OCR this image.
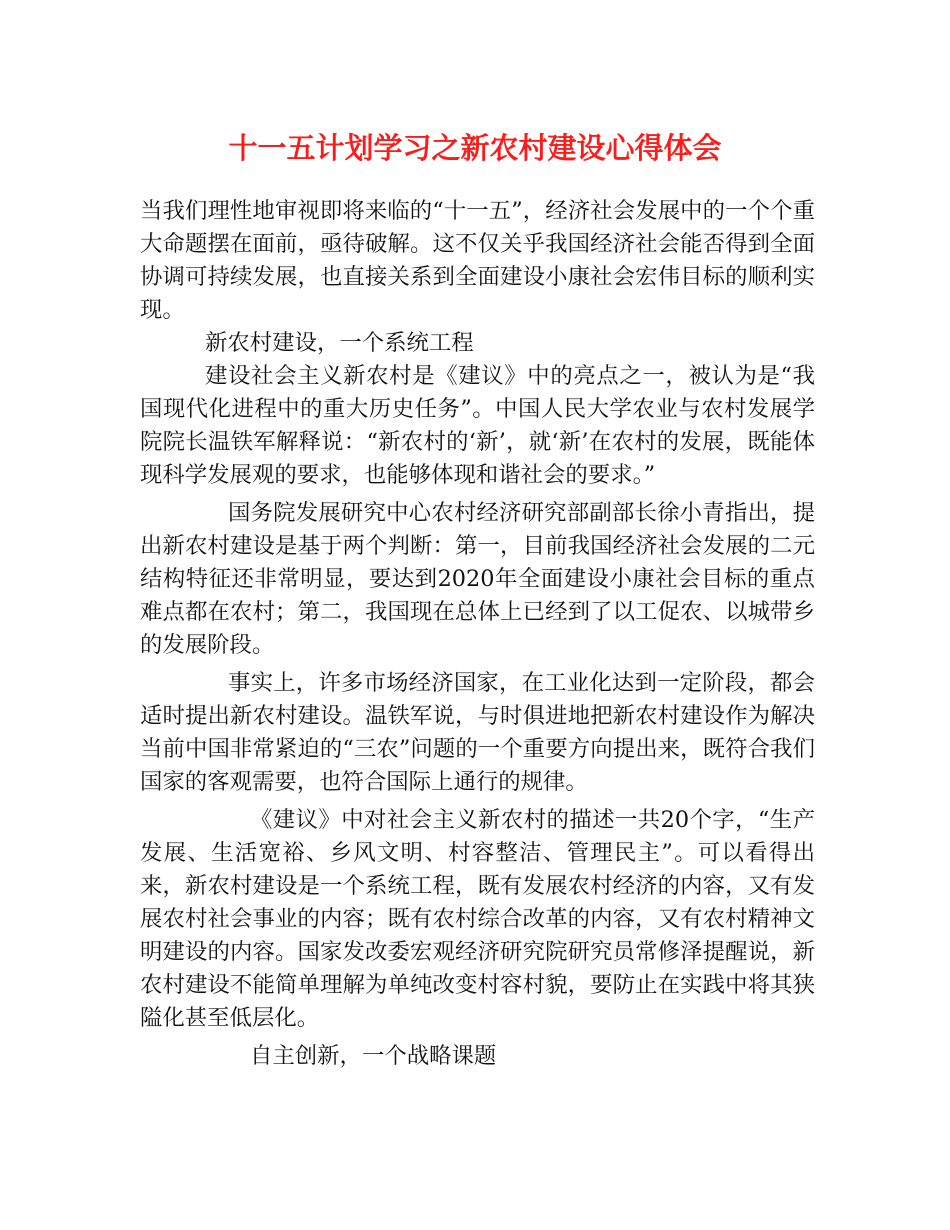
十一五计划学习之新农村建设心得体会

当我们理性地审视即将来临的“十一五”，经济社会发展中的一个个重大命题摆在面前，亟待破解。这不仅关乎我国经济社会能否得到全面协调可持续发展，也直接关系到全面建设小康社会宏伟目标的顺利实现。

新农村建设，一个系统工程

建设社会主义新农村是《建议》中的亮点之一，被认为是“我国现代化进程中的重大历史任务”。中国人民大学农业与农村发展学院院长温铁军解释说：“新农村的‘新’，就‘新’在农村的发展，既能体现科学发展观的要求，也能够体现和谐社会的要求。”

国务院发展研究中心农村经济研究部副部长徐小青指出，提出新农村建设是基于两个判断：第一，目前我国经济社会发展的二元结构特征还非常明显，要达到2020年全面建设小康社会目标的重点难点都在农村；第二，我国现在总体上已经到了以工促农、以城带乡的发展阶段。

事实上，许多市场经济国家，在工业化达到一定阶段，都会适时提出新农村建设。温铁军说，与时俱进地把新农村建设作为解决当前中国非常紧迫的“三农”问题的一个重要方向提出来，既符合我们国家的客观需要，也符合国际上通行的规律。

《建议》中对社会主义新农村的描述一共20个字，“生产发展、生活宽裕、乡风文明、村容整洁、管理民主”。可以看得出来，新农村建设是一个系统工程，既有发展农村经济的内容，又有发展农村社会事业的内容；既有农村综合改革的内容，又有农村精神文明建设的内容。国家发改委宏观经济研究院研究员常修泽提醒说，新农村建设不能简单理解为单纯改变村容村貌，要防止在实践中将其狭隘化甚至低层化。

自主创新，一个战略课题
